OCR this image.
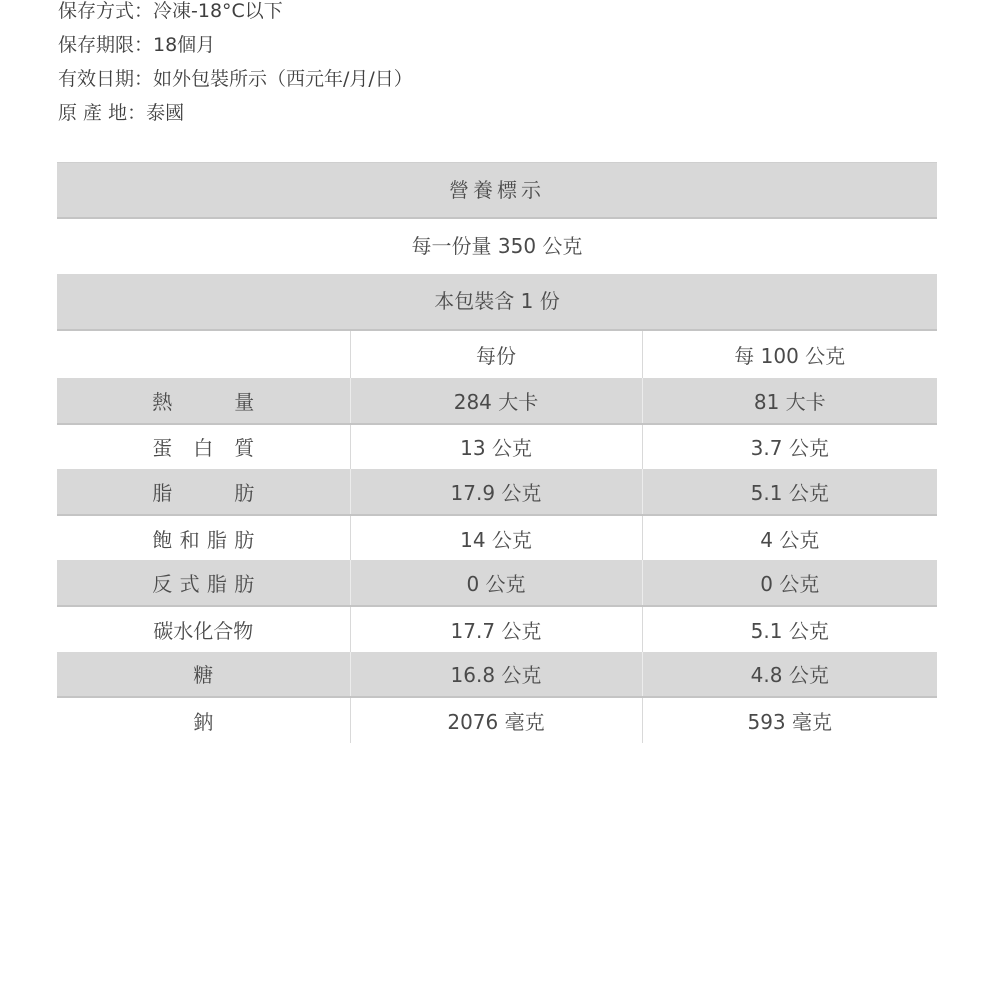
保存方式：冷凍-18°C以下
保存期限：18個月
有效日期：如外包裝所示（西元年/月/日）
原 產 地：泰國
營養標示
每一份量 350 公克
本包裝含 1 份
	每份	每 100 公克

熱量	284 大卡	81 大卡

蛋白質	13 公克	3.7 公克

脂肪	17.9 公克	5.1 公克

飽和脂肪	14 公克	4 公克

反式脂肪	0 公克	0 公克

碳水化合物	17.7 公克	5.1 公克

糖	16.8 公克	4.8 公克

鈉	2076 毫克	593 毫克
